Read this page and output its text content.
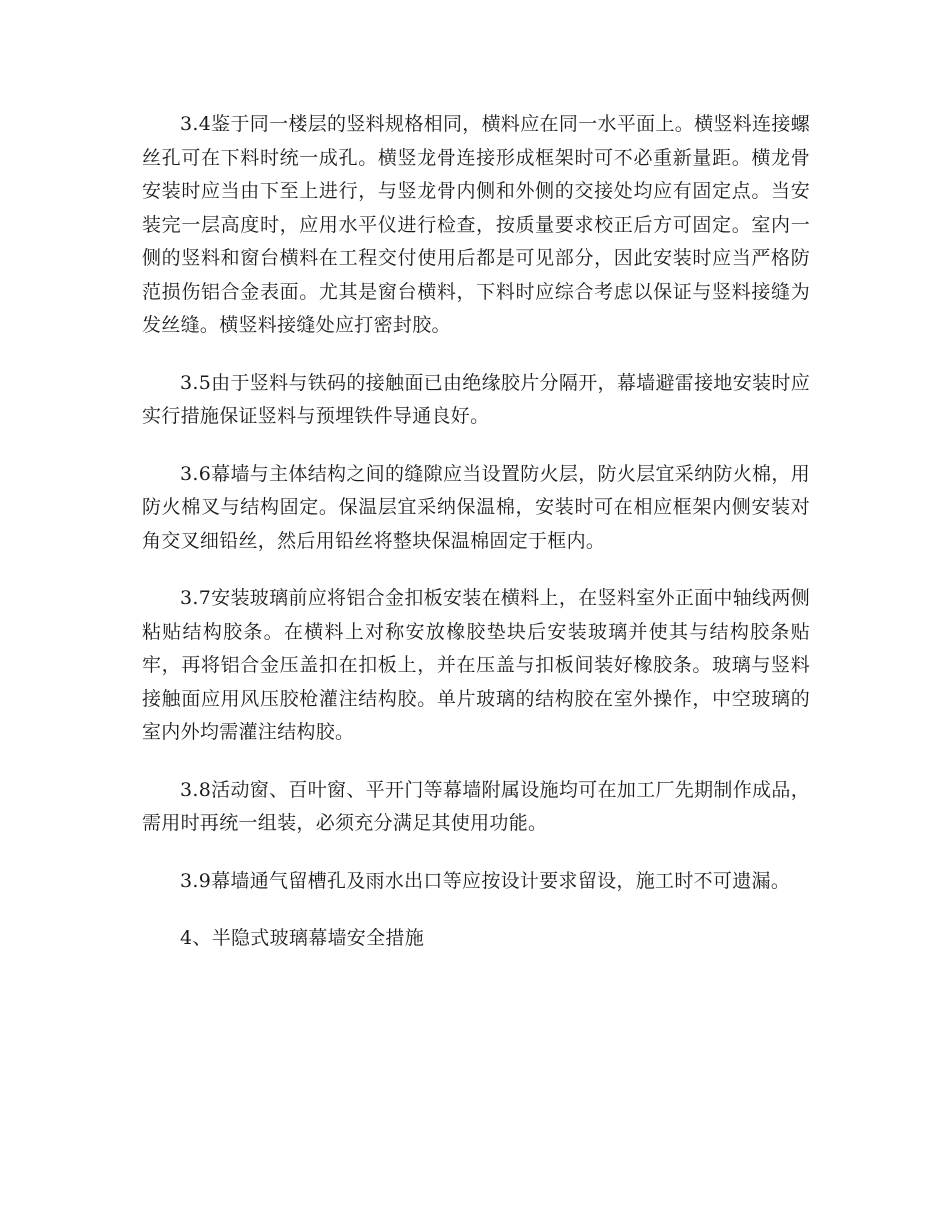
3.4鉴于同一楼层的竖料规格相同，横料应在同一水平面上。横竖料连接螺丝孔可在下料时统一成孔。横竖龙骨连接形成框架时可不必重新量距。横龙骨安装时应当由下至上进行，与竖龙骨内侧和外侧的交接处均应有固定点。当安装完一层高度时，应用水平仪进行检查，按质量要求校正后方可固定。室内一侧的竖料和窗台横料在工程交付使用后都是可见部分，因此安装时应当严格防范损伤铝合金表面。尤其是窗台横料，下料时应综合考虑以保证与竖料接缝为发丝缝。横竖料接缝处应打密封胶。

3.5由于竖料与铁码的接触面已由绝缘胶片分隔开，幕墙避雷接地安装时应实行措施保证竖料与预埋铁件导通良好。

3.6幕墙与主体结构之间的缝隙应当设置防火层，防火层宜采纳防火棉，用防火棉叉与结构固定。保温层宜采纳保温棉，安装时可在相应框架内侧安装对角交叉细铅丝，然后用铅丝将整块保温棉固定于框内。

3.7安装玻璃前应将铝合金扣板安装在横料上，在竖料室外正面中轴线两侧粘贴结构胶条。在横料上对称安放橡胶垫块后安装玻璃并使其与结构胶条贴牢，再将铝合金压盖扣在扣板上，并在压盖与扣板间装好橡胶条。玻璃与竖料接触面应用风压胶枪灌注结构胶。单片玻璃的结构胶在室外操作，中空玻璃的室内外均需灌注结构胶。

3.8活动窗、百叶窗、平开门等幕墙附属设施均可在加工厂先期制作成品，需用时再统一组装，必须充分满足其使用功能。

3.9幕墙通气留槽孔及雨水出口等应按设计要求留设，施工时不可遗漏。

4、半隐式玻璃幕墙安全措施
